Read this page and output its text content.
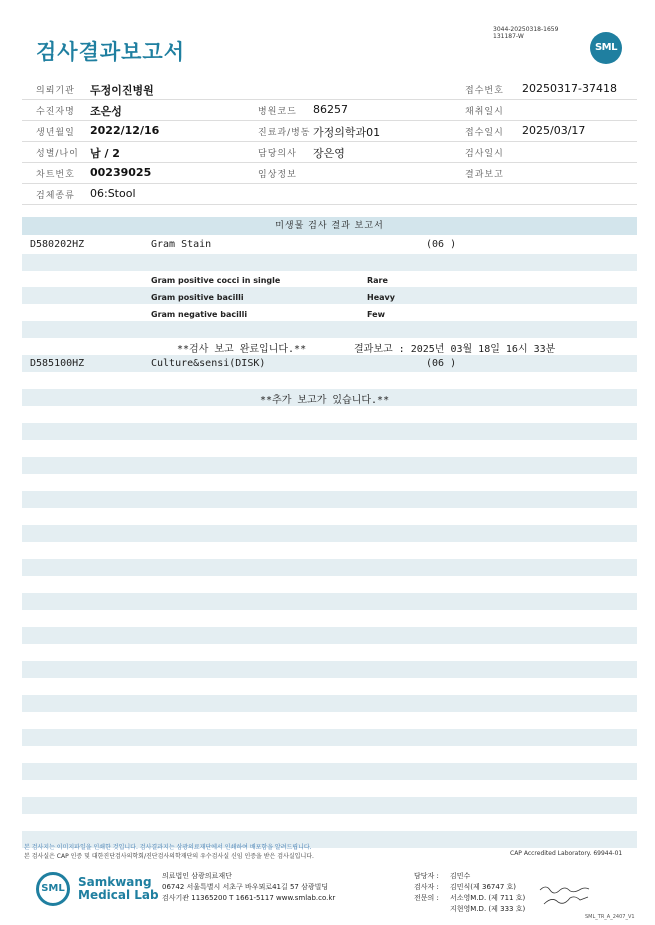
검사결과보고서
3044-20250318-1659
131187-W
SML
의뢰기관 두정이진병원	접수번호 20250317-37418
수진자명 조은성	병원코드 86257	채취일시
생년월일 2022/12/16	진료과/병동 가정의학과01	접수일시 2025/03/17
성별/나이 남 / 2	담당의사 장은영	검사일시
차트번호 00239025	임상정보	결과보고
검체종류 06:Stool
미생물 검사 결과 보고서
D580202HZ	Gram Stain	(06 )
Gram positive cocci in single	Rare
Gram positive bacilli	Heavy
Gram negative bacilli	Few
**검사 보고 완료입니다.**	결과보고 : 2025년 03월 18일 16시 33분
D585100HZ	Culture&sensi(DISK)	(06 )
**추가 보고가 있습니다.**
본 검사지는 이미지파일을 인쇄한 것입니다. 검사결과지는 삼광의료재단에서 인쇄하여 배포함을 알려드립니다.
본 검사실은 CAP 인증 및 대한진단검사의학회/진단검사의학재단의 우수검사실 신임 인증을 받은 검사실입니다.	CAP Accredited Laboratory. 69944-01
SML	Samkwang
Medical Lab
의료법인 삼광의료재단
06742 서울특별시 서초구 바우뫼로41길 57 삼광빌딩
검사기관 11365200 T 1661-5117 www.smlab.co.kr
담당자 : 김민수
검사자 : 김민식(제 36747 호)
전문의 : 서소영M.D. (제 711 호)
지현영M.D. (제 333 호)
SML_TR_A_2407_V1
